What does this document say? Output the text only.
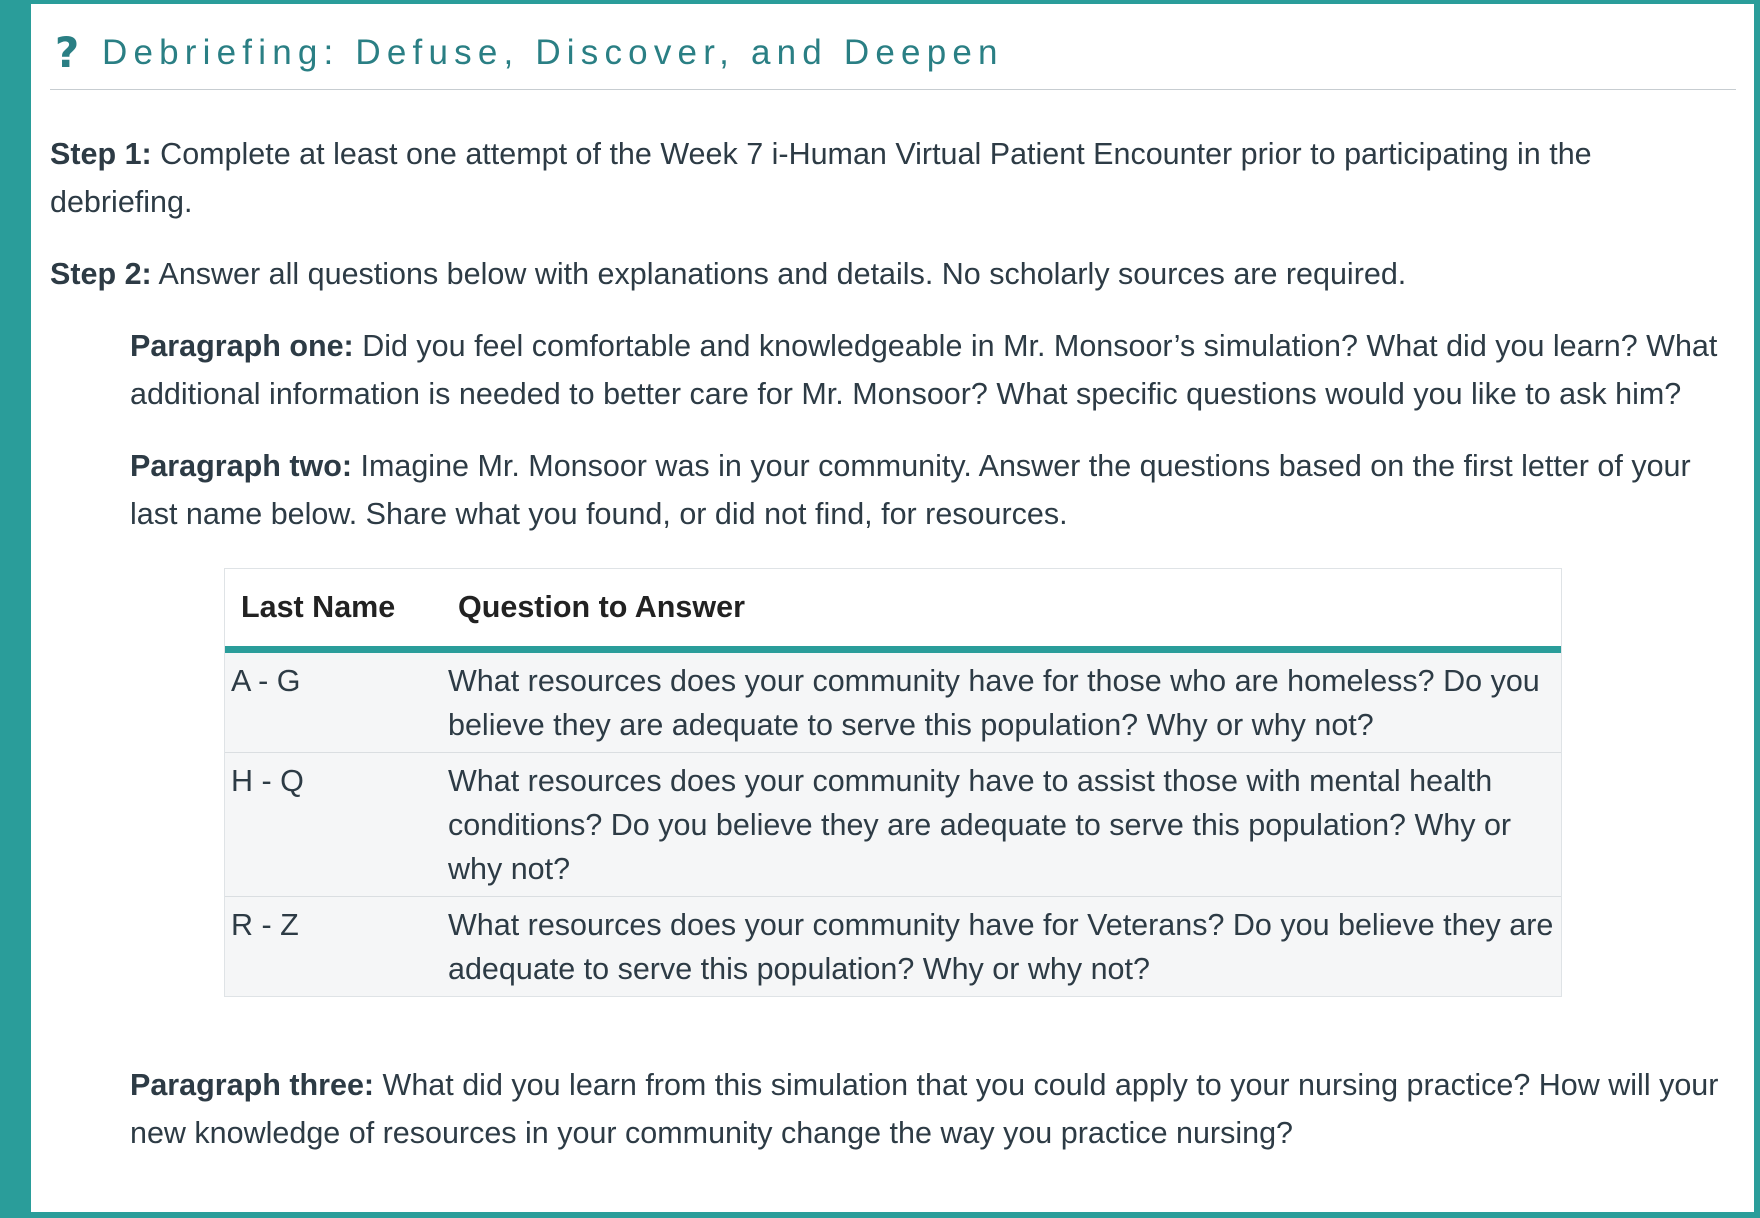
? Debriefing: Defuse, Discover, and Deepen

Step 1: Complete at least one attempt of the Week 7 i-Human Virtual Patient Encounter prior to participating in the debriefing.

Step 2: Answer all questions below with explanations and details. No scholarly sources are required.

Paragraph one: Did you feel comfortable and knowledgeable in Mr. Monsoor’s simulation? What did you learn? What additional information is needed to better care for Mr. Monsoor? What specific questions would you like to ask him?

Paragraph two: Imagine Mr. Monsoor was in your community. Answer the questions based on the first letter of your last name below. Share what you found, or did not find, for resources.

Last Name	Question to Answer
A - G	What resources does your community have for those who are homeless? Do you believe they are adequate to serve this population? Why or why not?
H - Q	What resources does your community have to assist those with mental health conditions? Do you believe they are adequate to serve this population? Why or why not?
R - Z	What resources does your community have for Veterans? Do you believe they are adequate to serve this population? Why or why not?

Paragraph three: What did you learn from this simulation that you could apply to your nursing practice? How will your new knowledge of resources in your community change the way you practice nursing?
